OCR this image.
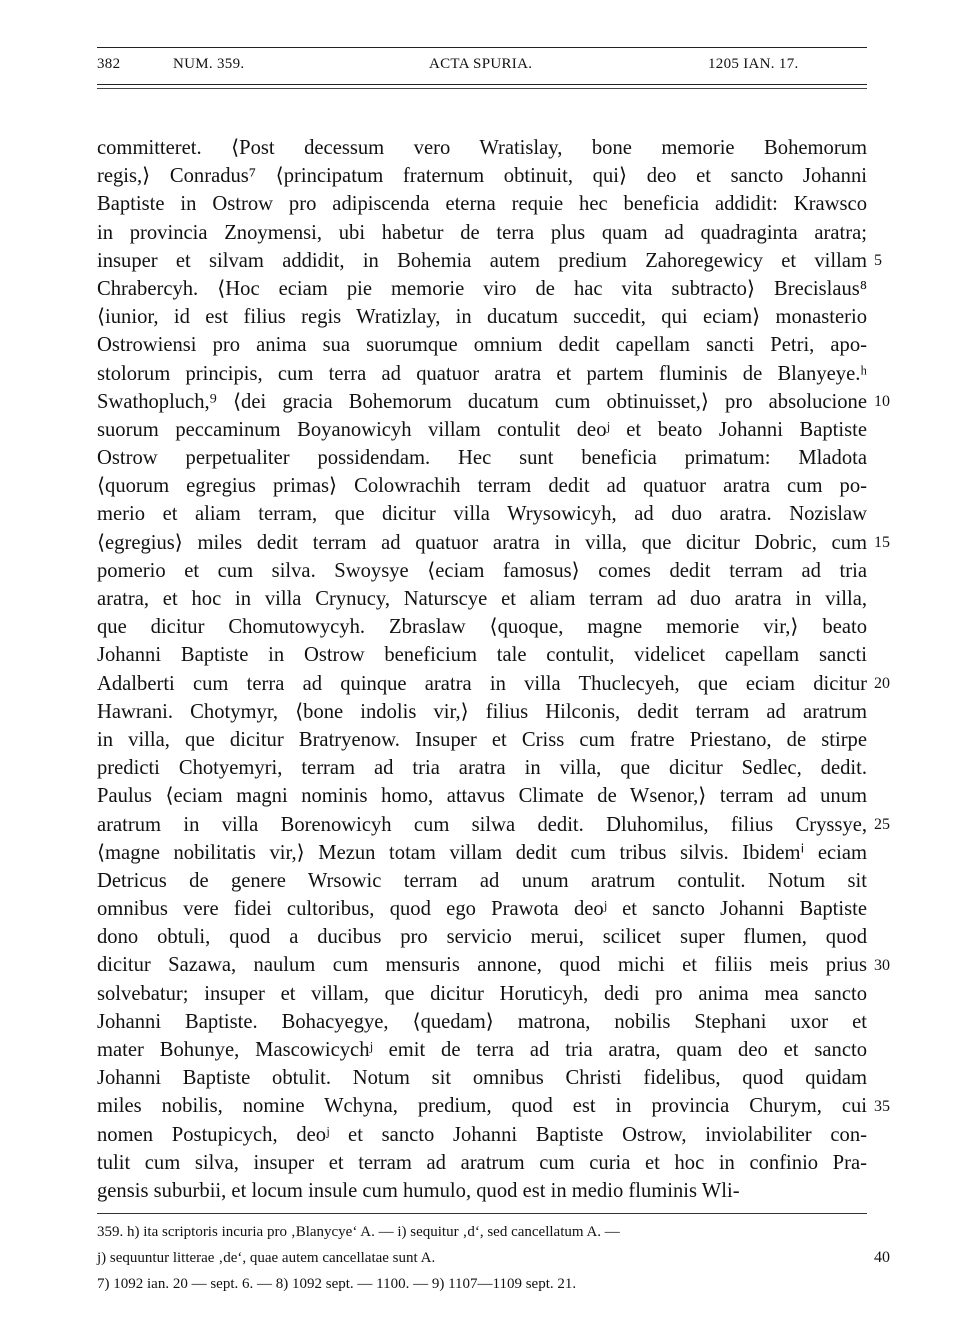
382	NUM. 359.	ACTA SPURIA.	1205 IAN. 17.
committeret. ⟨Post decessum vero Wratislay, bone memorie Bohemorum
regis,⟩ Conradus⁷ ⟨principatum fraternum obtinuit, qui⟩ deo et sancto Johanni
Baptiste in Ostrow pro adipiscenda eterna requie hec beneficia addidit: Krawsco
in provincia Znoymensi, ubi habetur de terra plus quam ad quadraginta aratra;
insuper et silvam addidit, in Bohemia autem predium Zahoregewicy et villam
Chrabercyh. ⟨Hoc eciam pie memorie viro de hac vita subtracto⟩ Brecislaus⁸
⟨iunior, id est filius regis Wratizlay, in ducatum succedit, qui eciam⟩ monasterio
Ostrowiensi pro anima sua suorumque omnium dedit capellam sancti Petri, apo-
stolorum principis, cum terra ad quatuor aratra et partem fluminis de Blanyeye.ʰ
Swathopluch,⁹ ⟨dei gracia Bohemorum ducatum cum obtinuisset,⟩ pro absolucione
suorum peccaminum Boyanowicyh villam contulit deoʲ et beato Johanni Baptiste
Ostrow perpetualiter possidendam. Hec sunt beneficia primatum: Mladota
⟨quorum egregius primas⟩ Colowrachih terram dedit ad quatuor aratra cum po-
merio et aliam terram, que dicitur villa Wrysowicyh, ad duo aratra. Nozislaw
⟨egregius⟩ miles dedit terram ad quatuor aratra in villa, que dicitur Dobric, cum
pomerio et cum silva. Swoysye ⟨eciam famosus⟩ comes dedit terram ad tria
aratra, et hoc in villa Crynucy, Naturscye et aliam terram ad duo aratra in villa,
que dicitur Chomutowycyh. Zbraslaw ⟨quoque, magne memorie vir,⟩ beato
Johanni Baptiste in Ostrow beneficium tale contulit, videlicet capellam sancti
Adalberti cum terra ad quinque aratra in villa Thuclecyeh, que eciam dicitur
Hawrani. Chotymyr, ⟨bone indolis vir,⟩ filius Hilconis, dedit terram ad aratrum
in villa, que dicitur Bratryenow. Insuper et Criss cum fratre Priestano, de stirpe
predicti Chotyemyri, terram ad tria aratra in villa, que dicitur Sedlec, dedit.
Paulus ⟨eciam magni nominis homo, attavus Climate de Wsenor,⟩ terram ad unum
aratrum in villa Borenowicyh cum silwa dedit. Dluhomilus, filius Cryssye,
⟨magne nobilitatis vir,⟩ Mezun totam villam dedit cum tribus silvis. Ibidemⁱ eciam
Detricus de genere Wrsowic terram ad unum aratrum contulit. Notum sit
omnibus vere fidei cultoribus, quod ego Prawota deoʲ et sancto Johanni Baptiste
dono obtuli, quod a ducibus pro servicio merui, scilicet super flumen, quod
dicitur Sazawa, naulum cum mensuris annone, quod michi et filiis meis prius
solvebatur; insuper et villam, que dicitur Horuticyh, dedi pro anima mea sancto
Johanni Baptiste. Bohacyegye, ⟨quedam⟩ matrona, nobilis Stephani uxor et
mater Bohunye, Mascowicychʲ emit de terra ad tria aratra, quam deo et sancto
Johanni Baptiste obtulit. Notum sit omnibus Christi fidelibus, quod quidam
miles nobilis, nomine Wchyna, predium, quod est in provincia Churym, cui
nomen Postupicych, deoʲ et sancto Johanni Baptiste Ostrow, inviolabiliter con-
tulit cum silva, insuper et terram ad aratrum cum curia et hoc in confinio Pra-
gensis suburbii, et locum insule cum humulo, quod est in medio fluminis Wli-
5
10
15
20
25
30
35
40
359. h) ita scriptoris incuria pro ‚Blanycye‘ A. — i) sequitur ‚d‘, sed cancellatum A. —
j) sequuntur litterae ‚de‘, quae autem cancellatae sunt A.
7) 1092 ian. 20 — sept. 6. — 8) 1092 sept. — 1100. — 9) 1107—1109 sept. 21.
